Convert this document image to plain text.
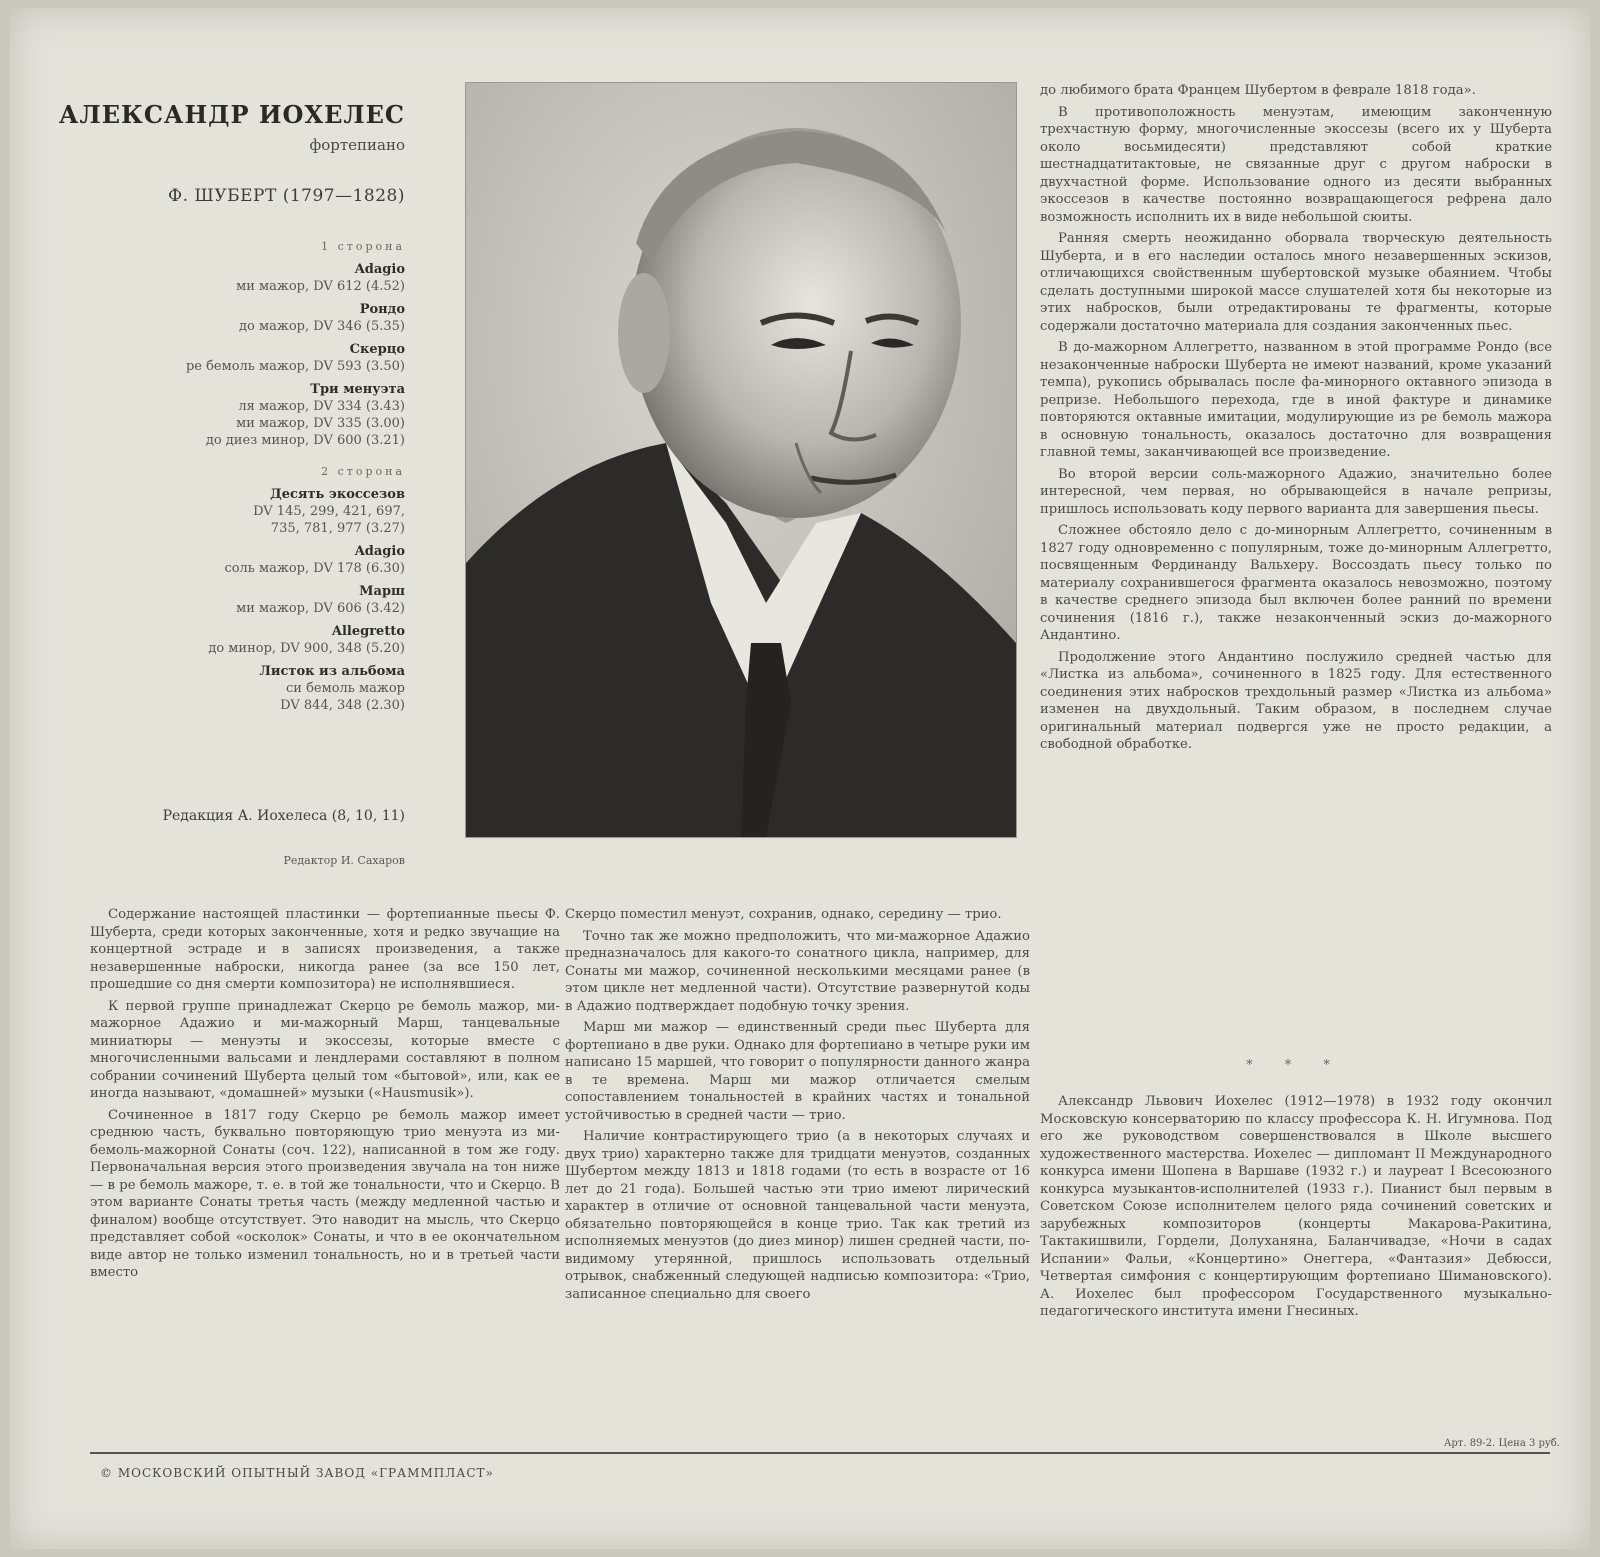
АЛЕКСАНДР ИОХЕЛЕС
фортепиано
Ф. ШУБЕРТ (1797—1828)
1 сторона
Adagio
ми мажор, DV 612 (4.52)
Рондо
до мажор, DV 346 (5.35)
Скерцо
ре бемоль мажор, DV 593 (3.50)
Три менуэта
ля мажор, DV 334 (3.43)
ми мажор, DV 335 (3.00)
до диез минор, DV 600 (3.21)
2 сторона
Десять экоссезов
DV 145, 299, 421, 697,
735, 781, 977 (3.27)
Adagio
соль мажор, DV 178 (6.30)
Марш
ми мажор, DV 606 (3.42)
Allegretto
до минор, DV 900, 348 (5.20)
Листок из альбома
си бемоль мажор
DV 844, 348 (2.30)
Редакция А. Иохелеса (8, 10, 11)
Редактор И. Сахаров

до любимого брата Францем Шубертом в феврале 1818 года».

В противоположность менуэтам, имеющим законченную трехчастную форму, многочисленные экоссезы (всего их у Шуберта около восьмидесяти) представляют собой краткие шестнадцатитактовые, не связанные друг с другом наброски в двухчастной форме. Использование одного из десяти выбранных экоссезов в качестве постоянно возвращающегося рефрена дало возможность исполнить их в виде небольшой сюиты.

Ранняя смерть неожиданно оборвала творческую деятельность Шуберта, и в его наследии осталось много незавершенных эскизов, отличающихся свойственным шубертовской музыке обаянием. Чтобы сделать доступными широкой массе слушателей хотя бы некоторые из этих набросков, были отредактированы те фрагменты, которые содержали достаточно материала для создания законченных пьес.

В до-мажорном Аллегретто, названном в этой программе Рондо (все незаконченные наброски Шуберта не имеют названий, кроме указаний темпа), рукопись обрывалась после фа-минорного октавного эпизода в репризе. Небольшого перехода, где в иной фактуре и динамике повторяются октавные имитации, модулирующие из ре бемоль мажора в основную тональность, оказалось достаточно для возвращения главной темы, заканчивающей все произведение.

Во второй версии соль-мажорного Адажио, значительно более интересной, чем первая, но обрывающейся в начале репризы, пришлось использовать коду первого варианта для завершения пьесы.

Сложнее обстояло дело с до-минорным Аллегретто, сочиненным в 1827 году одновременно с популярным, тоже до-минорным Аллегретто, посвященным Фердинанду Вальхеру. Воссоздать пьесу только по материалу сохранившегося фрагмента оказалось невозможно, поэтому в качестве среднего эпизода был включен более ранний по времени сочинения (1816 г.), также незаконченный эскиз до-мажорного Андантино.

Продолжение этого Андантино послужило средней частью для «Листка из альбома», сочиненного в 1825 году. Для естественного соединения этих набросков трехдольный размер «Листка из альбома» изменен на двухдольный. Таким образом, в последнем случае оригинальный материал подвергся уже не просто редакции, а свободной обработке.

* * *

Александр Львович Иохелес (1912—1978) в 1932 году окончил Московскую консерваторию по классу профессора К. Н. Игумнова. Под его же руководством совершенствовался в Школе высшего художественного мастерства. Иохелес — дипломант II Международного конкурса имени Шопена в Варшаве (1932 г.) и лауреат I Всесоюзного конкурса музыкантов-исполнителей (1933 г.). Пианист был первым в Советском Союзе исполнителем целого ряда сочинений советских и зарубежных композиторов (концерты Макарова-Ракитина, Тактакишвили, Гордели, Долуханяна, Баланчивадзе, «Ночи в садах Испании» Фальи, «Концертино» Онеггера, «Фантазия» Дебюсси, Четвертая симфония с концертирующим фортепиано Шимановского). А. Иохелес был профессором Государственного музыкально-педагогического института имени Гнесиных.

Содержание настоящей пластинки — фортепианные пьесы Ф. Шуберта, среди которых законченные, хотя и редко звучащие на концертной эстраде и в записях произведения, а также незавершенные наброски, никогда ранее (за все 150 лет, прошедшие со дня смерти композитора) не исполнявшиеся.

К первой группе принадлежат Скерцо ре бемоль мажор, ми-мажорное Адажио и ми-мажорный Марш, танцевальные миниатюры — менуэты и экоссезы, которые вместе с многочисленными вальсами и лендлерами составляют в полном собрании сочинений Шуберта целый том «бытовой», или, как ее иногда называют, «домашней» музыки («Hausmusik»).

Сочиненное в 1817 году Скерцо ре бемоль мажор имеет среднюю часть, буквально повторяющую трио менуэта из ми-бемоль-мажорной Сонаты (соч. 122), написанной в том же году. Первоначальная версия этого произведения звучала на тон ниже — в ре бемоль мажоре, т. е. в той же тональности, что и Скерцо. В этом варианте Сонаты третья часть (между медленной частью и финалом) вообще отсутствует. Это наводит на мысль, что Скерцо представляет собой «осколок» Сонаты, и что в ее окончательном виде автор не только изменил тональность, но и в третьей части вместо

Скерцо поместил менуэт, сохранив, однако, середину — трио.

Точно так же можно предположить, что ми-мажорное Адажио предназначалось для какого-то сонатного цикла, например, для Сонаты ми мажор, сочиненной несколькими месяцами ранее (в этом цикле нет медленной части). Отсутствие развернутой коды в Адажио подтверждает подобную точку зрения.

Марш ми мажор — единственный среди пьес Шуберта для фортепиано в две руки. Однако для фортепиано в четыре руки им написано 15 маршей, что говорит о популярности данного жанра в те времена. Марш ми мажор отличается смелым сопоставлением тональностей в крайних частях и тональной устойчивостью в средней части — трио.

Наличие контрастирующего трио (а в некоторых случаях и двух трио) характерно также для тридцати менуэтов, созданных Шубертом между 1813 и 1818 годами (то есть в возрасте от 16 лет до 21 года). Большей частью эти трио имеют лирический характер в отличие от основной танцевальной части менуэта, обязательно повторяющейся в конце трио. Так как третий из исполняемых менуэтов (до диез минор) лишен средней части, по-видимому утерянной, пришлось использовать отдельный отрывок, снабженный следующей надписью композитора: «Трио, записанное специально для своего

© МОСКОВСКИЙ ОПЫТНЫЙ ЗАВОД «ГРАММПЛАСТ»
Арт. 89-2. Цена 3 руб.
